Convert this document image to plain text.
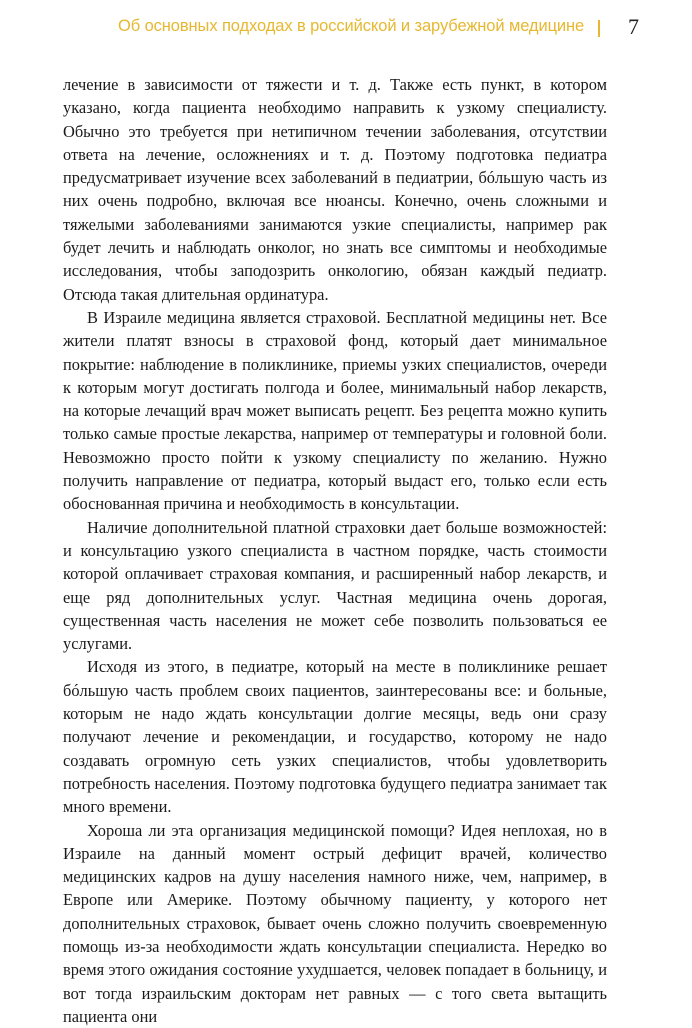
Об основных подходах в российской и зарубежной медицине 7

лечение в зависимости от тяжести и т. д. Также есть пункт, в котором указано, когда пациента необходимо направить к узкому специалисту. Обычно это требуется при нетипичном течении заболевания, отсутствии ответа на лечение, осложнениях и т. д. Поэтому подготовка педиатра предусматривает изучение всех заболеваний в педиатрии, бóльшую часть из них очень подробно, включая все нюансы. Конечно, очень сложными и тяжелыми заболеваниями занимаются узкие специалисты, например рак будет лечить и наблюдать онколог, но знать все симптомы и необходимые исследования, чтобы заподозрить онкологию, обязан каждый педиатр. Отсюда такая длительная ординатура.

В Израиле медицина является страховой. Бесплатной медицины нет. Все жители платят взносы в страховой фонд, который дает минимальное покрытие: наблюдение в поликлинике, приемы узких специалистов, очереди к которым могут достигать полгода и более, минимальный набор лекарств, на которые лечащий врач может выписать рецепт. Без рецепта можно купить только самые простые лекарства, например от температуры и головной боли. Невозможно просто пойти к узкому специалисту по желанию. Нужно получить направление от педиатра, который выдаст его, только если есть обоснованная причина и необходимость в консультации.

Наличие дополнительной платной страховки дает больше возможностей: и консультацию узкого специалиста в частном порядке, часть стоимости которой оплачивает страховая компания, и расширенный набор лекарств, и еще ряд дополнительных услуг. Частная медицина очень дорогая, существенная часть населения не может себе позволить пользоваться ее услугами.

Исходя из этого, в педиатре, который на месте в поликлинике решает бóльшую часть проблем своих пациентов, заинтересованы все: и больные, которым не надо ждать консультации долгие месяцы, ведь они сразу получают лечение и рекомендации, и государство, которому не надо создавать огромную сеть узких специалистов, чтобы удовлетворить потребность населения. Поэтому подготовка будущего педиатра занимает так много времени.

Хороша ли эта организация медицинской помощи? Идея неплохая, но в Израиле на данный момент острый дефицит врачей, количество медицинских кадров на душу населения намного ниже, чем, например, в Европе или Америке. Поэтому обычному пациенту, у которого нет дополнительных страховок, бывает очень сложно получить своевременную помощь из-за необходимости ждать консультации специалиста. Нередко во время этого ожидания состояние ухудшается, человек попадает в больницу, и вот тогда израильским докторам нет равных — с того света вытащить пациента они
